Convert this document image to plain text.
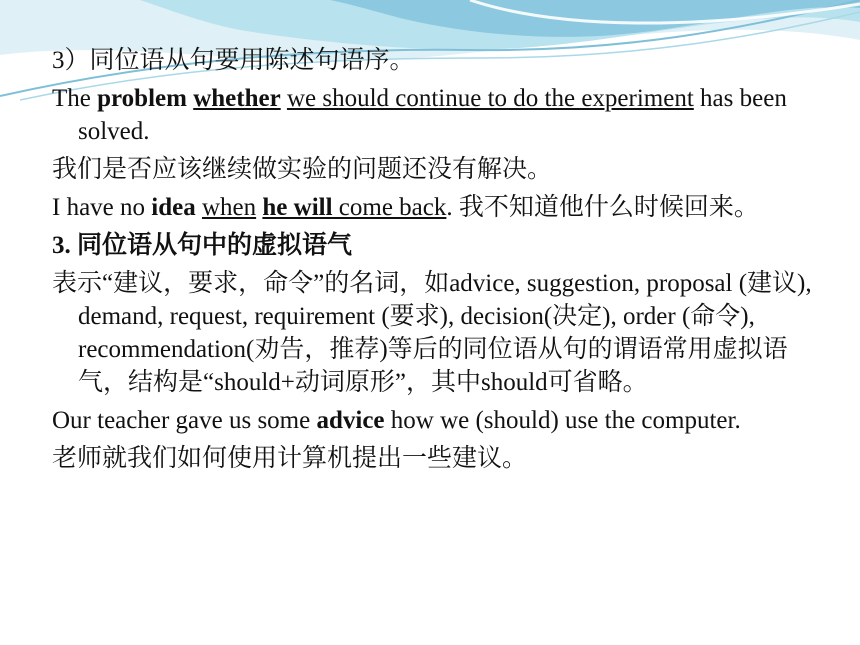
3）同位语从句要用陈述句语序。

The problem whether we should continue to do the experiment has been solved.

我们是否应该继续做实验的问题还没有解决。

I have no idea when he will come back. 我不知道他什么时候回来。

3. 同位语从句中的虚拟语气

表示“建议，要求，命令”的名词，如advice, suggestion, proposal (建议), demand, request, requirement (要求), decision(决定), order (命令), recommendation(劝告，推荐)等后的同位语从句的谓语常用虚拟语气，结构是“should+动词原形”，其中should可省略。

Our teacher gave us some advice how we (should) use the computer.

老师就我们如何使用计算机提出一些建议。
